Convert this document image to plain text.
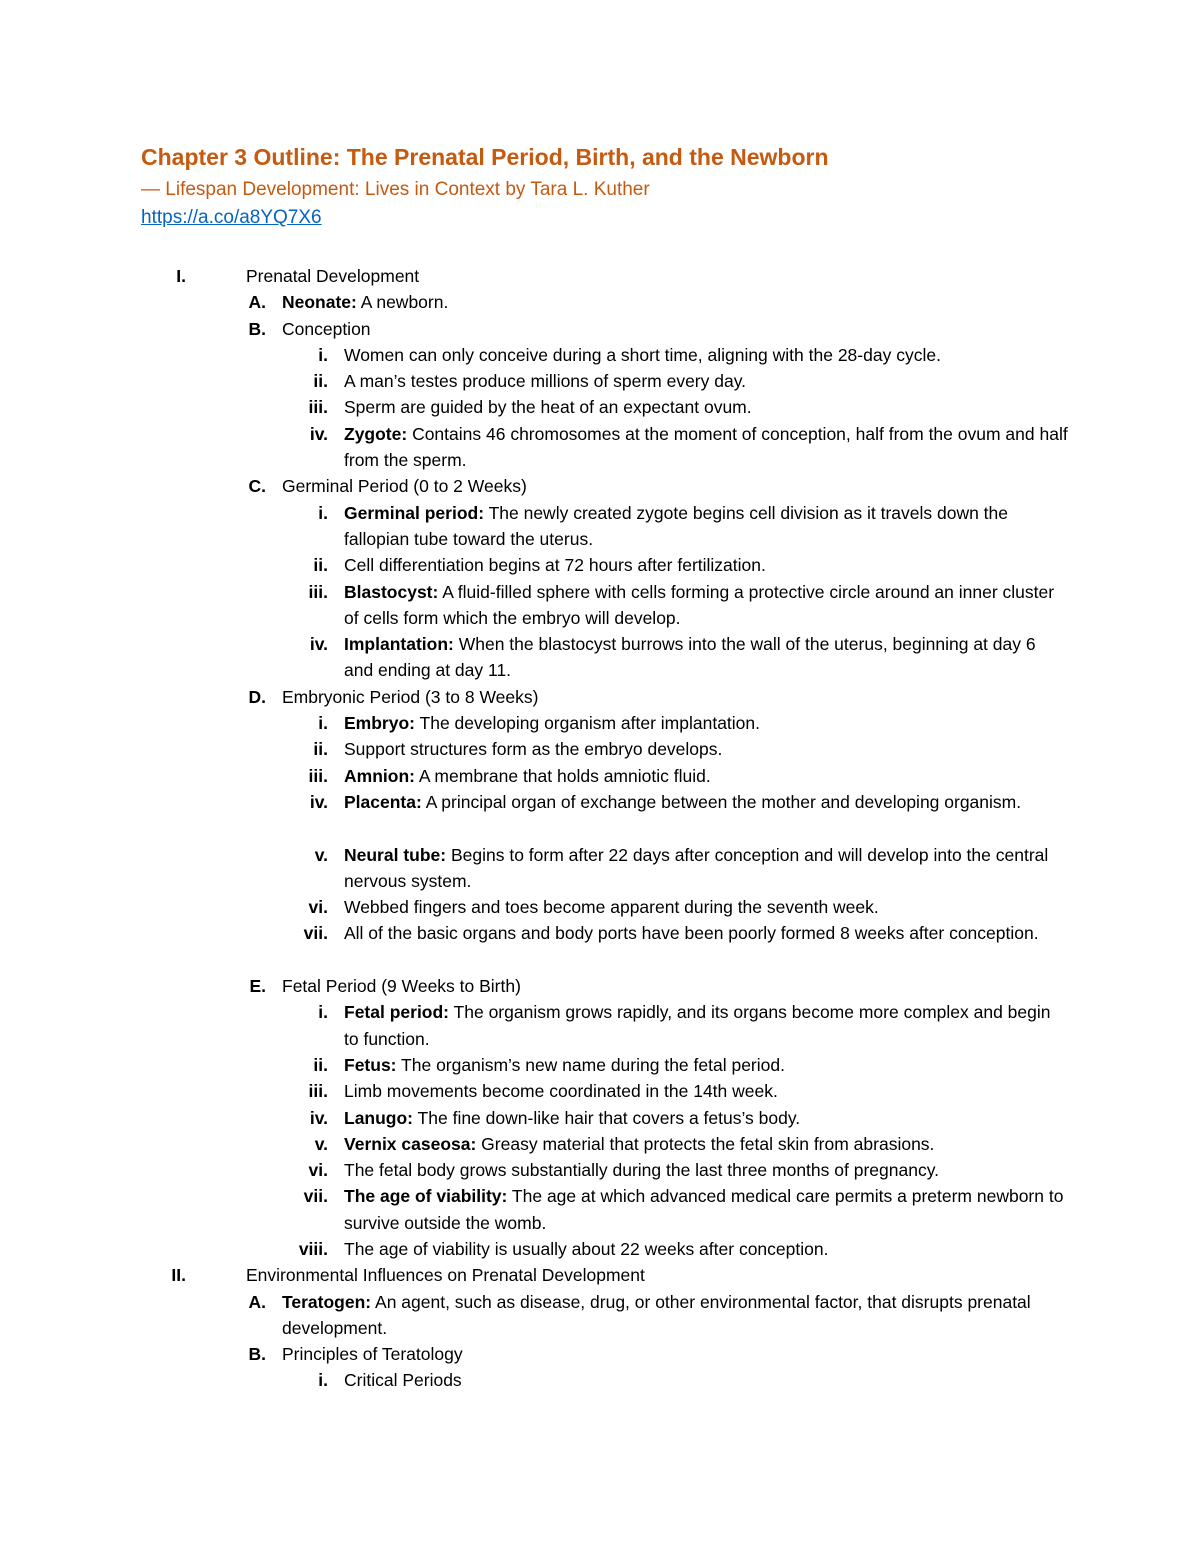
Chapter 3 Outline: The Prenatal Period, Birth, and the Newborn
— Lifespan Development: Lives in Context by Tara L. Kuther
https://a.co/a8YQ7X6
I.	Prenatal Development
A. Neonate: A newborn.
B. Conception
i. Women can only conceive during a short time, aligning with the 28-day cycle.
ii. A man’s testes produce millions of sperm every day.
iii. Sperm are guided by the heat of an expectant ovum.
iv. Zygote: Contains 46 chromosomes at the moment of conception, half from the ovum and half from the sperm.
C. Germinal Period (0 to 2 Weeks)
i. Germinal period: The newly created zygote begins cell division as it travels down the fallopian tube toward the uterus.
ii. Cell differentiation begins at 72 hours after fertilization.
iii. Blastocyst: A fluid-filled sphere with cells forming a protective circle around an inner cluster of cells form which the embryo will develop.
iv. Implantation: When the blastocyst burrows into the wall of the uterus, beginning at day 6 and ending at day 11.
D. Embryonic Period (3 to 8 Weeks)
i. Embryo: The developing organism after implantation.
ii. Support structures form as the embryo develops.
iii. Amnion: A membrane that holds amniotic fluid.
iv. Placenta: A principal organ of exchange between the mother and developing organism.
v. Neural tube: Begins to form after 22 days after conception and will develop into the central nervous system.
vi. Webbed fingers and toes become apparent during the seventh week.
vii. All of the basic organs and body ports have been poorly formed 8 weeks after conception.
E. Fetal Period (9 Weeks to Birth)
i. Fetal period: The organism grows rapidly, and its organs become more complex and begin to function.
ii. Fetus: The organism’s new name during the fetal period.
iii. Limb movements become coordinated in the 14th week.
iv. Lanugo: The fine down-like hair that covers a fetus’s body.
v. Vernix caseosa: Greasy material that protects the fetal skin from abrasions.
vi. The fetal body grows substantially during the last three months of pregnancy.
vii. The age of viability: The age at which advanced medical care permits a preterm newborn to survive outside the womb.
viii. The age of viability is usually about 22 weeks after conception.
II.	Environmental Influences on Prenatal Development
A. Teratogen: An agent, such as disease, drug, or other environmental factor, that disrupts prenatal development.
B. Principles of Teratology
i. Critical Periods
